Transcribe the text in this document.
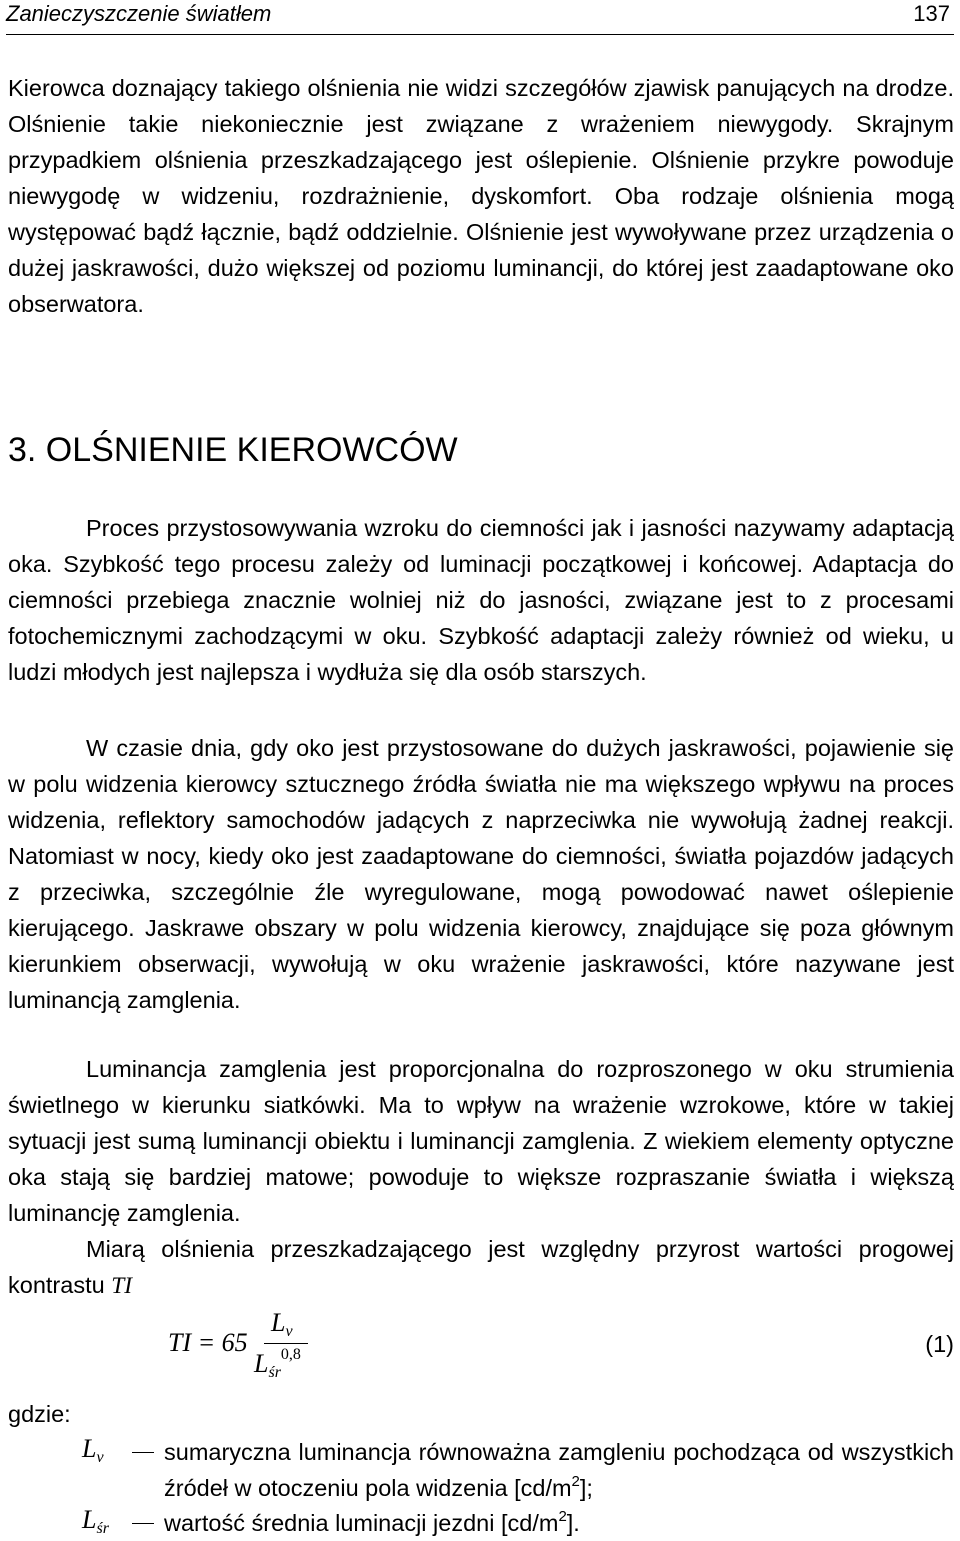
Zanieczyszczenie światłem	137
Kierowca doznający takiego olśnienia nie widzi szczegółów zjawisk panujących na drodze. Olśnienie takie niekoniecznie jest związane z wrażeniem niewygody. Skrajnym przypadkiem olśnienia przeszkadzającego jest oślepienie. Olśnienie przykre powoduje niewygodę w widzeniu, rozdrażnienie, dyskomfort. Oba rodzaje olśnienia mogą występować bądź łącznie, bądź oddzielnie. Olśnienie jest wywoływane przez urządzenia o dużej jaskrawości, dużo większej od poziomu luminancji, do której jest zaadaptowane oko obserwatora.
3. OLŚNIENIE KIEROWCÓW
Proces przystosowywania wzroku do ciemności jak i jasności nazywamy adaptacją oka. Szybkość tego procesu zależy od luminacji początkowej i końcowej. Adaptacja do ciemności przebiega znacznie wolniej niż do jasności, związane jest to z procesami fotochemicznymi zachodzącymi w oku. Szybkość adaptacji zależy również od wieku, u ludzi młodych jest najlepsza i wydłuża się dla osób starszych.
W czasie dnia, gdy oko jest przystosowane do dużych jaskrawości, pojawienie się w polu widzenia kierowcy sztucznego źródła światła nie ma większego wpływu na proces widzenia, reflektory samochodów jadących z naprzeciwka nie wywołują żadnej reakcji. Natomiast w nocy, kiedy oko jest zaadaptowane do ciemności, światła pojazdów jadących z przeciwka, szczególnie źle wyregulowane, mogą powodować nawet oślepienie kierującego. Jaskrawe obszary w polu widzenia kierowcy, znajdujące się poza głównym kierunkiem obserwacji, wywołują w oku wrażenie jaskrawości, które nazywane jest luminancją zamglenia.
Luminancja zamglenia jest proporcjonalna do rozproszonego w oku strumienia świetlnego w kierunku siatkówki. Ma to wpływ na wrażenie wzrokowe, które w takiej sytuacji jest sumą luminancji obiektu i luminancji zamglenia. Z wiekiem elementy optyczne oka stają się bardziej matowe; powoduje to większe rozpraszanie światła i większą luminancję zamglenia.
Miarą olśnienia przeszkadzającego jest względny przyrost wartości progowej kontrastu TI
TI = 65
$L_v$
$L_{śr}^{0,8}$	(1)
gdzie:
$L_v$	sumaryczna luminancja równoważna zamgleniu pochodząca od wszystkich źródeł w otoczeniu pola widzenia $[cd/m^2]$;
$L_{śr}$ wartość średnia luminacji jezdni $[cd/m^2]$.
